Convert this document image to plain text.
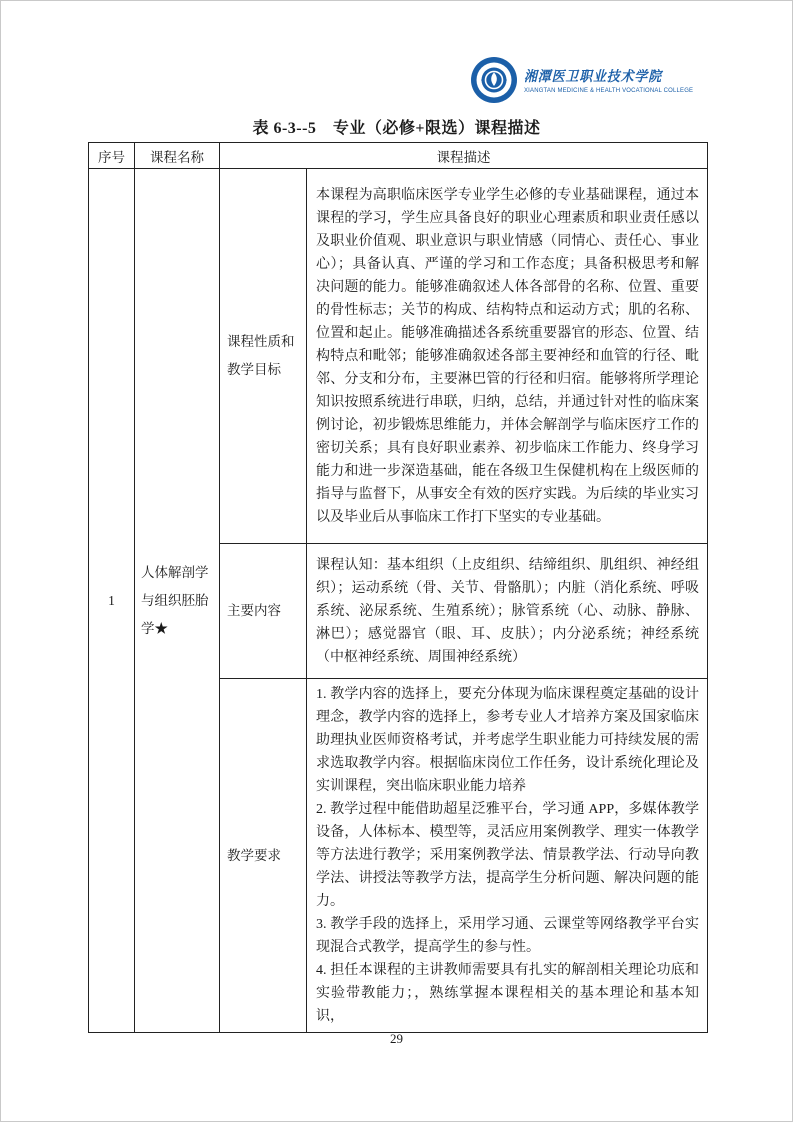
湘潭医卫职业技术学院
XIANGTAN MEDICINE & HEALTH VOCATIONAL COLLEGE
表 6-3--5　专业（必修+限选）课程描述
序号	课程名称	课程描述	
1	人体解剖学与组织胚胎学★	课程性质和教学目标	本课程为高职临床医学专业学生必修的专业基础课程，通过本课程的学习，学生应具备良好的职业心理素质和职业责任感以及职业价值观、职业意识与职业情感（同情心、责任心、事业心）；具备认真、严谨的学习和工作态度；具备积极思考和解决问题的能力。能够准确叙述人体各部骨的名称、位置、重要的骨性标志；关节的构成、结构特点和运动方式；肌的名称、位置和起止。能够准确描述各系统重要器官的形态、位置、结构特点和毗邻；能够准确叙述各部主要神经和血管的行径、毗邻、分支和分布，主要淋巴管的行径和归宿。能够将所学理论知识按照系统进行串联，归纳，总结，并通过针对性的临床案例讨论，初步锻炼思维能力，并体会解剖学与临床医疗工作的密切关系；具有良好职业素养、初步临床工作能力、终身学习能力和进一步深造基础，能在各级卫生保健机构在上级医师的指导与监督下，从事安全有效的医疗实践。为后续的毕业实习以及毕业后从事临床工作打下坚实的专业基础。

		主要内容	课程认知：基本组织（上皮组织、结缔组织、肌组织、神经组织）；运动系统（骨、关节、骨骼肌）；内脏（消化系统、呼吸系统、泌尿系统、生殖系统）；脉管系统（心、动脉、静脉、淋巴）；感觉器官（眼、耳、皮肤）；内分泌系统；神经系统（中枢神经系统、周围神经系统）

		教学要求	1. 教学内容的选择上，要充分体现为临床课程奠定基础的设计理念，教学内容的选择上，参考专业人才培养方案及国家临床助理执业医师资格考试，并考虑学生职业能力可持续发展的需求选取教学内容。根据临床岗位工作任务，设计系统化理论及实训课程，突出临床职业能力培养

2. 教学过程中能借助超星泛雅平台，学习通 APP，多媒体教学设备，人体标本、模型等，灵活应用案例教学、理实一体教学等方法进行教学；采用案例教学法、情景教学法、行动导向教学法、讲授法等教学方法，提高学生分析问题、解决问题的能力。

3. 教学手段的选择上，采用学习通、云课堂等网络教学平台实现混合式教学，提高学生的参与性。

4. 担任本课程的主讲教师需要具有扎实的解剖相关理论功底和实验带教能力；，熟练掌握本课程相关的基本理论和基本知识，

29
